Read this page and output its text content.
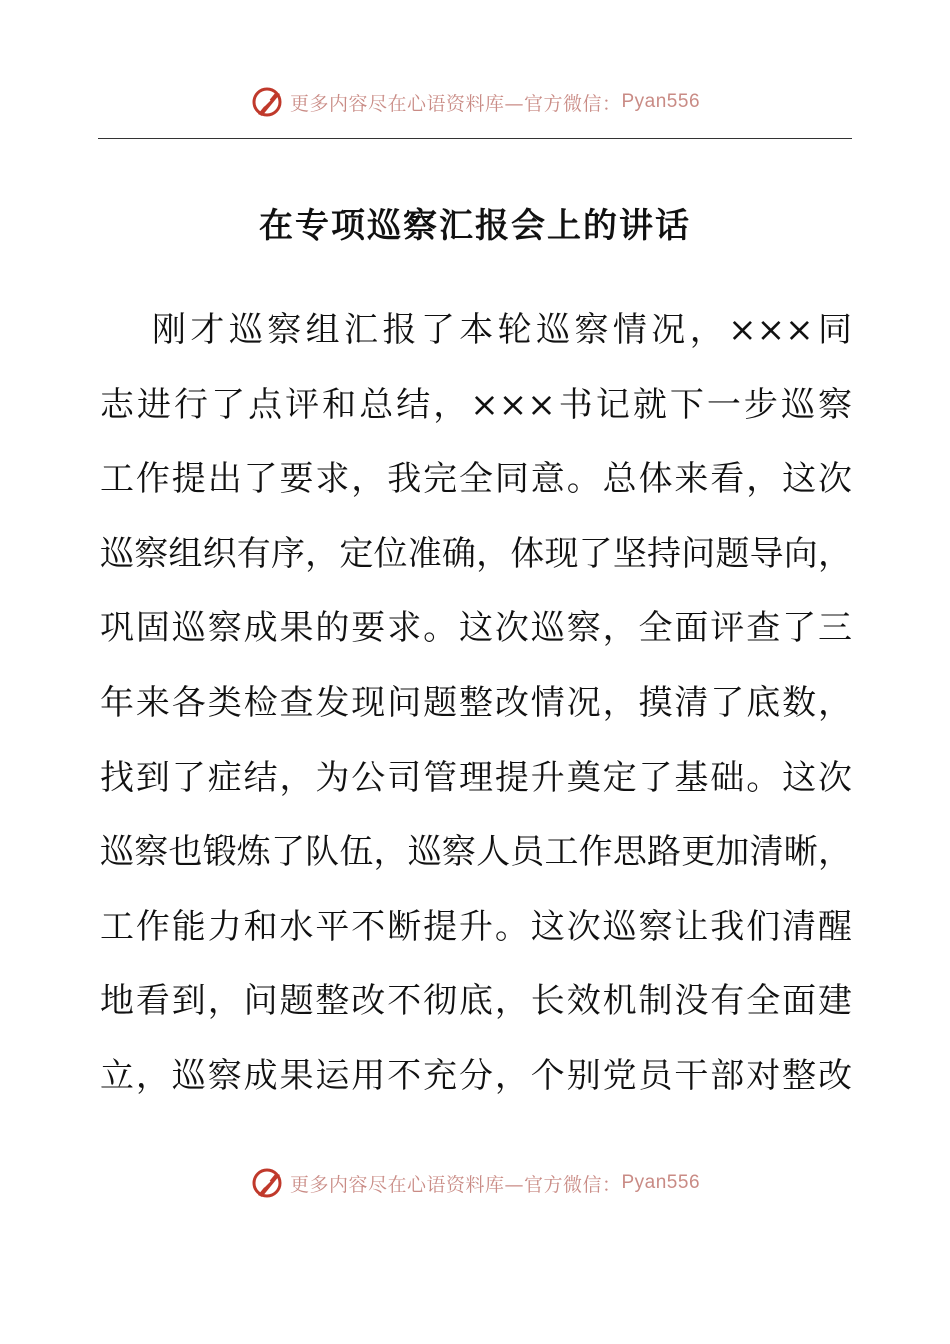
更多内容尽在心语资料库—官方微信： Pyan556
在专项巡察汇报会上的讲话
刚才巡察组汇报了本轮巡察情况，×××同
志进行了点评和总结，×××书记就下一步巡察
工作提出了要求，我完全同意。总体来看，这次
巡察组织有序，定位准确，体现了坚持问题导向，
巩固巡察成果的要求。这次巡察，全面评查了三
年来各类检查发现问题整改情况，摸清了底数，
找到了症结，为公司管理提升奠定了基础。这次
巡察也锻炼了队伍，巡察人员工作思路更加清晰，
工作能力和水平不断提升。这次巡察让我们清醒
地看到，问题整改不彻底，长效机制没有全面建
立，巡察成果运用不充分，个别党员干部对整改
更多内容尽在心语资料库—官方微信： Pyan556
